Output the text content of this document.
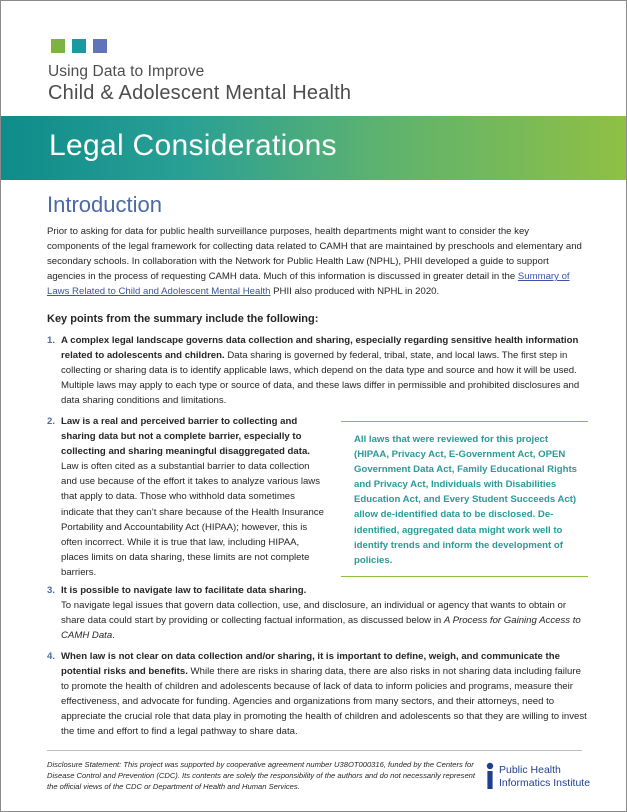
Using Data to Improve
Child & Adolescent Mental Health
Legal Considerations
Introduction
Prior to asking for data for public health surveillance purposes, health departments might want to consider the key components of the legal framework for collecting data related to CAMH that are maintained by preschools and elementary and secondary schools. In collaboration with the Network for Public Health Law (NPHL), PHII developed a guide to support agencies in the process of requesting CAMH data. Much of this information is discussed in greater detail in the Summary of Laws Related to Child and Adolescent Mental Health PHII also produced with NPHL in 2020.
Key points from the summary include the following:
1. A complex legal landscape governs data collection and sharing, especially regarding sensitive health information related to adolescents and children. Data sharing is governed by federal, tribal, state, and local laws. The first step in collecting or sharing data is to identify applicable laws, which depend on the data type and source and how it will be used. Multiple laws may apply to each type or source of data, and these laws differ in permissible and prohibited disclosures and data sharing conditions and limitations.
2. Law is a real and perceived barrier to collecting and sharing data but not a complete barrier, especially to collecting and sharing meaningful disaggregated data. Law is often cited as a substantial barrier to data collection and use because of the effort it takes to analyze various laws that apply to data. Those who withhold data sometimes indicate that they can’t share because of the Health Insurance Portability and Accountability Act (HIPAA); however, this is often incorrect. While it is true that law, including HIPAA, places limits on data sharing, these limits are not complete barriers.

All laws that were reviewed for this project (HIPAA, Privacy Act, E-Government Act, OPEN Government Data Act, Family Educational Rights and Privacy Act, Individuals with Disabilities Education Act, and Every Student Succeeds Act) allow de-identified data to be disclosed. De-identified, aggregated data might work well to identify trends and inform the development of policies.

3. It is possible to navigate law to facilitate data sharing.
To navigate legal issues that govern data collection, use, and disclosure, an individual or agency that wants to obtain or share data could start by providing or collecting factual information, as discussed below in A Process for Gaining Access to CAMH Data.
4. When law is not clear on data collection and/or sharing, it is important to define, weigh, and communicate the potential risks and benefits. While there are risks in sharing data, there are also risks in not sharing data including failure to promote the health of children and adolescents because of lack of data to inform policies and programs, measure their effectiveness, and advocate for funding. Agencies and organizations from many sectors, and their attorneys, need to appreciate the crucial role that data play in promoting the health of children and adolescents so that they are willing to invest the time and effort to find a legal pathway to share data.
Disclosure Statement: This project was supported by cooperative agreement number U38OT000316, funded by the Centers for Disease Control and Prevention (CDC). Its contents are solely the responsibility of the authors and do not necessarily represent the official views of the CDC or Department of Health and Human Services.
Public Health
Informatics Institute
